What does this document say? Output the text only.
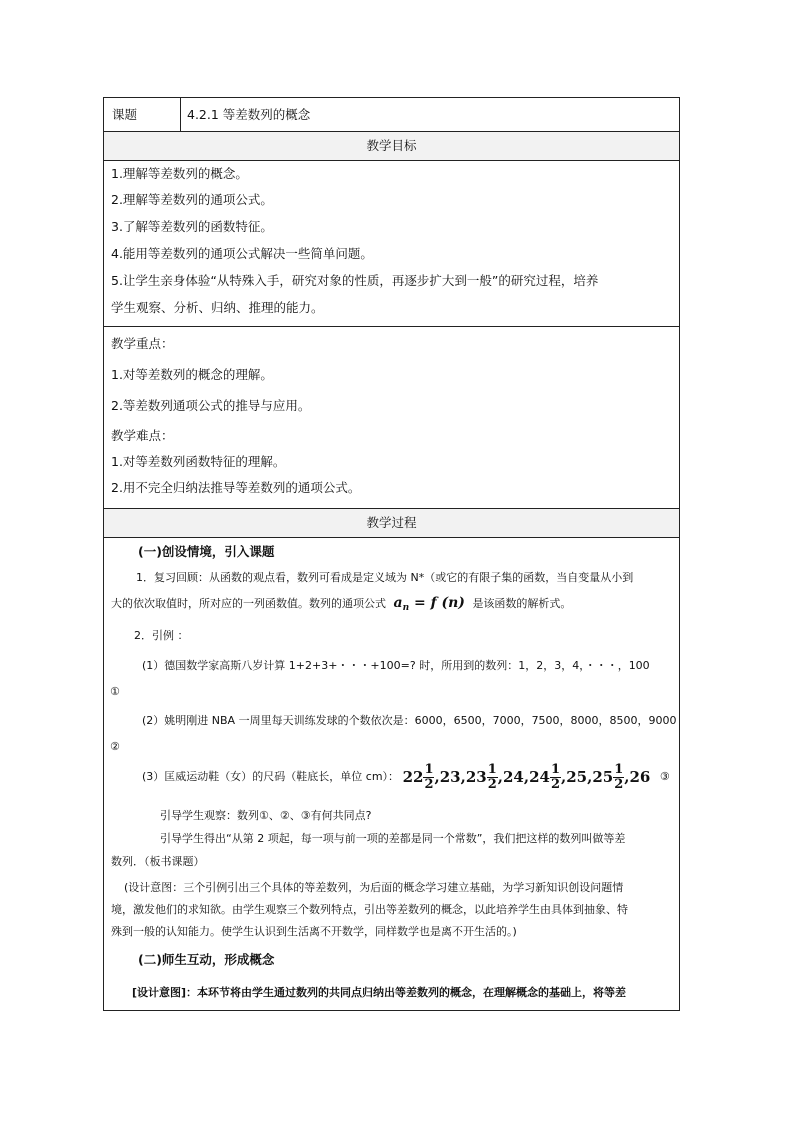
课题	4.2.1 等差数列的概念
教学目标
1.理解等差数列的概念。
2.理解等差数列的通项公式。
3.了解等差数列的函数特征。
4.能用等差数列的通项公式解决一些简单问题。
5.让学生亲身体验“从特殊入手，研究对象的性质，再逐步扩大到一般”的研究过程，培养
学生观察、分析、归纳、推理的能力。
教学重点：
1.对等差数列的概念的理解。
2.等差数列通项公式的推导与应用。
教学难点：
1.对等差数列函数特征的理解。
2.用不完全归纳法推导等差数列的通项公式。
教学过程
(一)创设情境，引入课题
1．复习回顾：从函数的观点看，数列可看成是定义域为 N*（或它的有限子集的函数，当自变量从小到
大的依次取值时，所对应的一列函数值。数列的通项公式 $a_n = f$ (n) 是该函数的解析式。
2．引例 ：
(1）德国数学家高斯八岁计算 1+2+3+・・・+100=? 时，所用到的数列：1，2，3，4，・・・，100
①
(2）姚明刚进 NBA 一周里每天训练发球的个数依次是：6000，6500，7000，7500，8000，8500，9000
②
(3）匡威运动鞋（女）的尺码（鞋底长，单位 cm）： $22 \frac{1}{2} ,23,23 \frac{1}{2} ,24,24 \frac{1}{2} ,25,25 \frac{1}{2} ,26$ ③
引导学生观察：数列①、②、③有何共同点?
引导学生得出“从第 2 项起，每一项与前一项的差都是同一个常数”，我们把这样的数列叫做等差
数列．（板书课题）
(设计意图：三个引例引出三个具体的等差数列，为后面的概念学习建立基础，为学习新知识创设问题情
境，激发他们的求知欲。由学生观察三个数列特点，引出等差数列的概念，以此培养学生由具体到抽象、特
殊到一般的认知能力。使学生认识到生活离不开数学，同样数学也是离不开生活的。)
(二)师生互动，形成概念
[设计意图]：本环节将由学生通过数列的共同点归纳出等差数列的概念，在理解概念的基础上，将等差
